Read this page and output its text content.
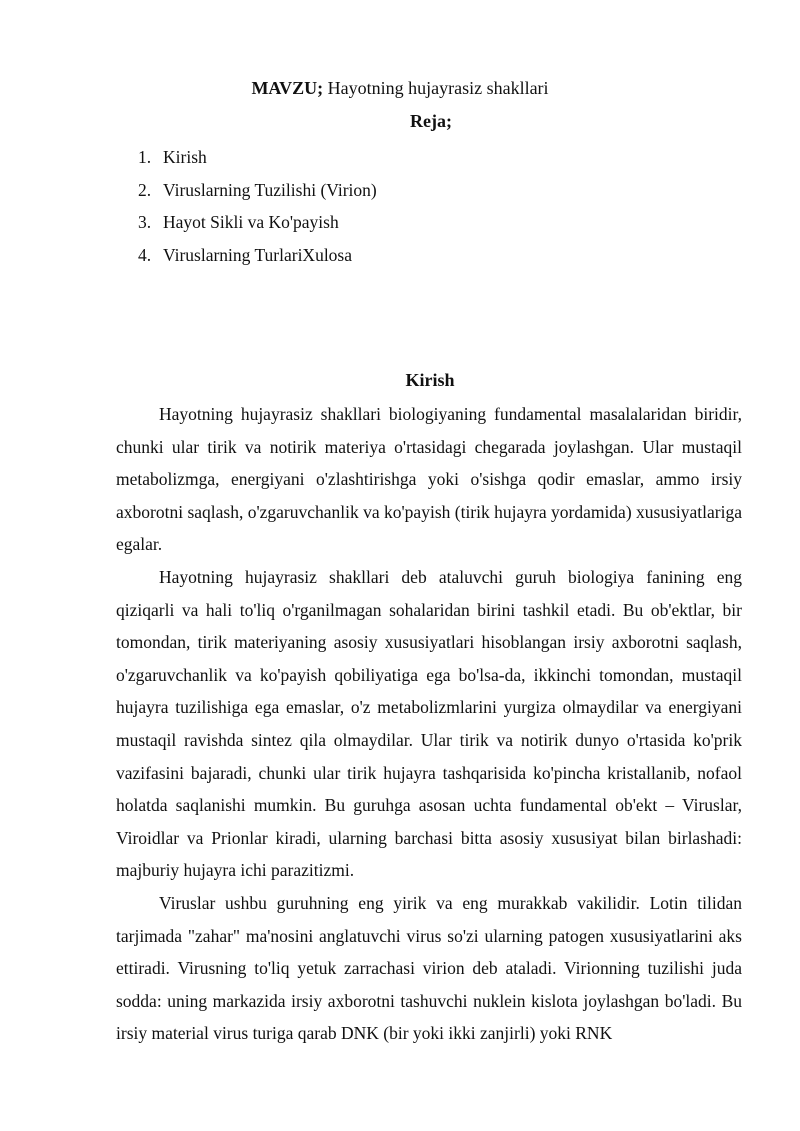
MAVZU; Hayotning hujayrasiz shakllari
Reja;
1. Kirish
2. Viruslarning Tuzilishi (Virion)
3. Hayot Sikli va Ko'payish
4. Viruslarning TurlariXulosa
Kirish

Hayotning hujayrasiz shakllari biologiyaning fundamental masalalaridan biridir, chunki ular tirik va notirik materiya o'rtasidagi chegarada joylashgan. Ular mustaqil metabolizmga, energiyani o'zlashtirishga yoki o'sishga qodir emaslar, ammo irsiy axborotni saqlash, o'zgaruvchanlik va ko'payish (tirik hujayra yordamida) xususiyatlariga egalar.

Hayotning hujayrasiz shakllari deb ataluvchi guruh biologiya fanining eng qiziqarli va hali to'liq o'rganilmagan sohalaridan birini tashkil etadi. Bu ob'ektlar, bir tomondan, tirik materiyaning asosiy xususiyatlari hisoblangan irsiy axborotni saqlash, o'zgaruvchanlik va ko'payish qobiliyatiga ega bo'lsa-da, ikkinchi tomondan, mustaqil hujayra tuzilishiga ega emaslar, o'z metabolizmlarini yurgiza olmaydilar va energiyani mustaqil ravishda sintez qila olmaydilar. Ular tirik va notirik dunyo o'rtasida ko'prik vazifasini bajaradi, chunki ular tirik hujayra tashqarisida ko'pincha kristallanib, nofaol holatda saqlanishi mumkin. Bu guruhga asosan uchta fundamental ob'ekt – Viruslar, Viroidlar va Prionlar kiradi, ularning barchasi bitta asosiy xususiyat bilan birlashadi: majburiy hujayra ichi parazitizmi.

Viruslar ushbu guruhning eng yirik va eng murakkab vakilidir. Lotin tilidan tarjimada "zahar" ma'nosini anglatuvchi virus so'zi ularning patogen xususiyatlarini aks ettiradi. Virusning to'liq yetuk zarrachasi virion deb ataladi. Virionning tuzilishi juda sodda: uning markazida irsiy axborotni tashuvchi nuklein kislota joylashgan bo'ladi. Bu irsiy material virus turiga qarab DNK (bir yoki ikki zanjirli) yoki RNK
